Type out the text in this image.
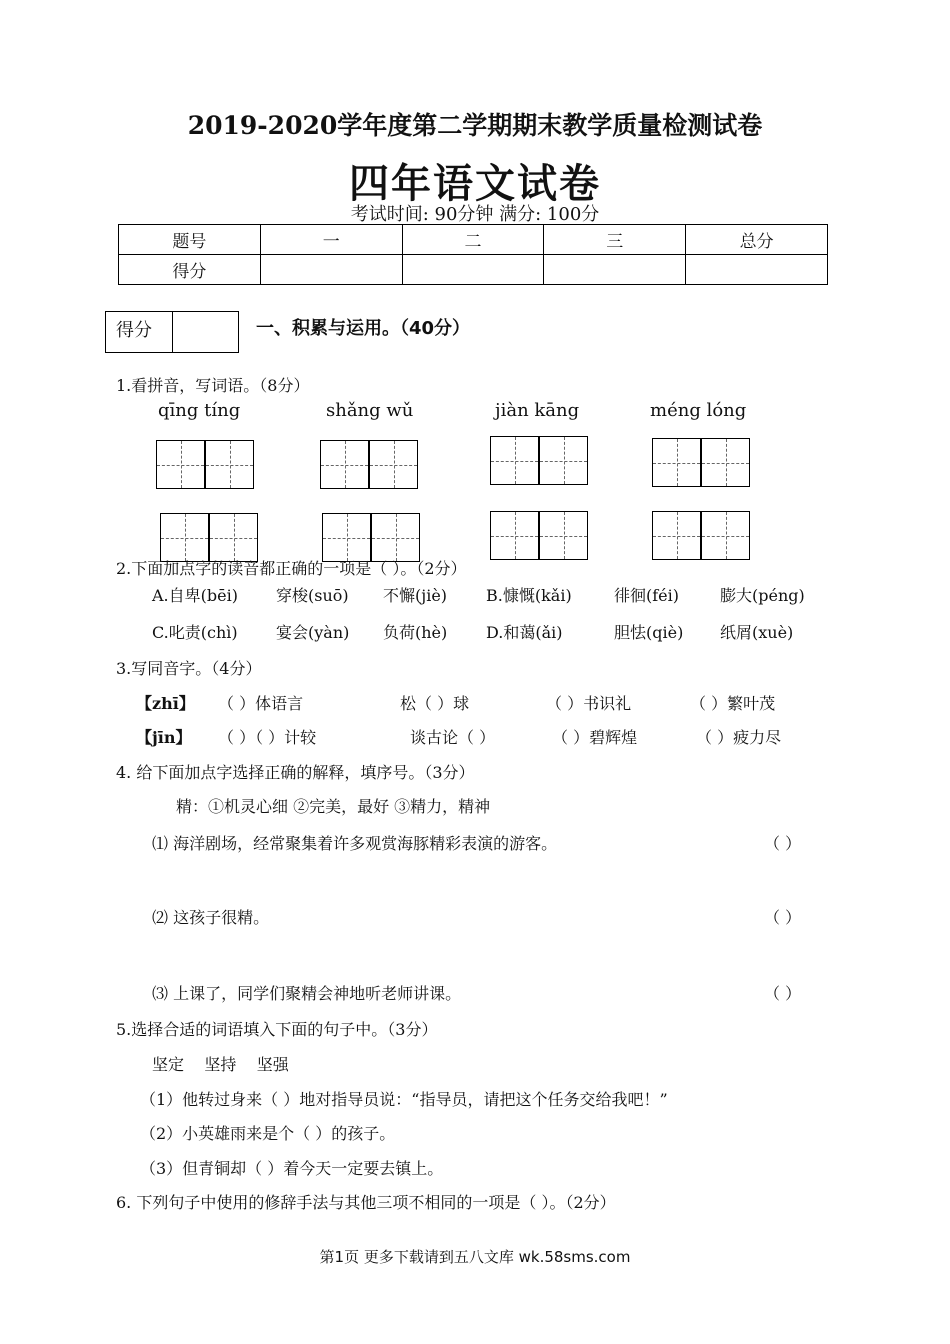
2019-2020学年度第二学期期末教学质量检测试卷
四年语文试卷
考试时间: 90分钟 满分: 100分
题号	一	二	三	总分
得分				
得分	一、积累与运用。（40分）
1.看拼音，写词语。（8分）
qīng tíng	shǎng wǔ	jiàn kāng	méng lóng
2.下面加点字的读音都正确的一项是（ ）。（2分）
A.自卑(bēi) 穿梭(suō) 不懈(jiè) B.慷慨(kǎi)	徘徊(féi)	膨大(péng)
C.叱责(chì) 宴会(yàn) 负荷(hè) D.和蔼(ǎi)	胆怯(qiè) 纸屑(xuè)
3.写同音字。（4分）
【zhī】 （ ）体语言	松（ ）球	（ ）书识礼	（ ）繁叶茂
【jīn】 （ ）（ ）计较	谈古论（ ）	（ ）碧辉煌	（ ）疲力尽
4. 给下面加点字选择正确的解释，填序号。（3分）
精：①机灵心细 ②完美，最好 ③精力，精神
⑴ 海洋剧场，经常聚集着许多观赏海豚精彩表演的游客。	（ ）
⑵ 这孩子很精。	（ ）
⑶ 上课了，同学们聚精会神地听老师讲课。	（ ）
5.选择合适的词语填入下面的句子中。（3分）
坚定    坚持    坚强
（1）他转过身来（ ）地对指导员说：“指导员，请把这个任务交给我吧！”
（2）小英雄雨来是个（ ）的孩子。
（3）但青铜却（ ）着今天一定要去镇上。
6. 下列句子中使用的修辞手法与其他三项不相同的一项是（ ）。（2分）
第1页 更多下载请到五八文库 wk.58sms.com
